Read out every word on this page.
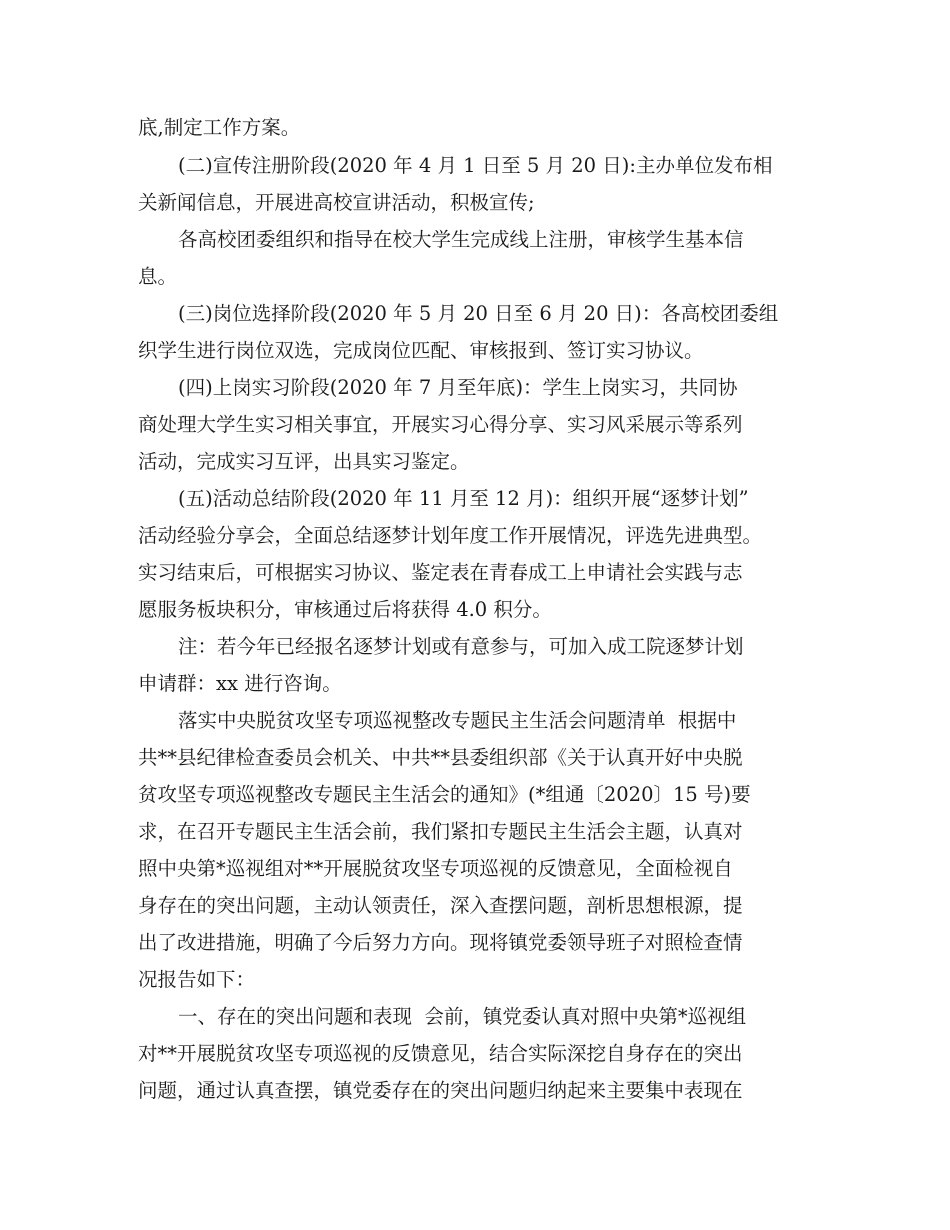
底,制定工作方案。
(二)宣传注册阶段(2020 年 4 月 1 日至 5 月 20 日):主办单位发布相
关新闻信息，开展进高校宣讲活动，积极宣传;
各高校团委组织和指导在校大学生完成线上注册，审核学生基本信
息。
(三)岗位选择阶段(2020 年 5 月 20 日至 6 月 20 日)：各高校团委组
织学生进行岗位双选，完成岗位匹配、审核报到、签订实习协议。
(四)上岗实习阶段(2020 年 7 月至年底)：学生上岗实习，共同协
商处理大学生实习相关事宜，开展实习心得分享、实习风采展示等系列
活动，完成实习互评，出具实习鉴定。
(五)活动总结阶段(2020 年 11 月至 12 月)：组织开展“逐梦计划”
活动经验分享会，全面总结逐梦计划年度工作开展情况，评选先进典型。
实习结束后，可根据实习协议、鉴定表在青春成工上申请社会实践与志
愿服务板块积分，审核通过后将获得 4.0 积分。
注：若今年已经报名逐梦计划或有意参与，可加入成工院逐梦计划
申请群：xx 进行咨询。
落实中央脱贫攻坚专项巡视整改专题民主生活会问题清单  根据中
共**县纪律检查委员会机关、中共**县委组织部《关于认真开好中央脱
贫攻坚专项巡视整改专题民主生活会的通知》(*组通〔2020〕15 号)要
求，在召开专题民主生活会前，我们紧扣专题民主生活会主题，认真对
照中央第*巡视组对**开展脱贫攻坚专项巡视的反馈意见，全面检视自
身存在的突出问题，主动认领责任，深入查摆问题，剖析思想根源，提
出了改进措施，明确了今后努力方向。现将镇党委领导班子对照检查情
况报告如下：
一、存在的突出问题和表现  会前，镇党委认真对照中央第*巡视组
对**开展脱贫攻坚专项巡视的反馈意见，结合实际深挖自身存在的突出
问题，通过认真查摆，镇党委存在的突出问题归纳起来主要集中表现在
